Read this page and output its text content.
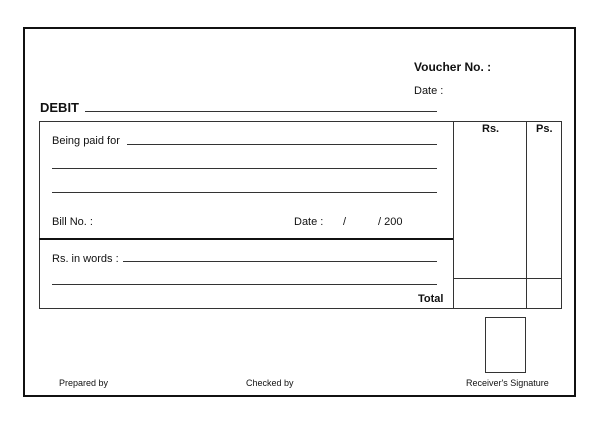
Voucher No. :
Date :
DEBIT
Rs.	Ps.
Being paid for
Bill No. :	Date : /	/ 200
Rs. in words :
Total
Prepared by	Checked by	Receiver's Signature
